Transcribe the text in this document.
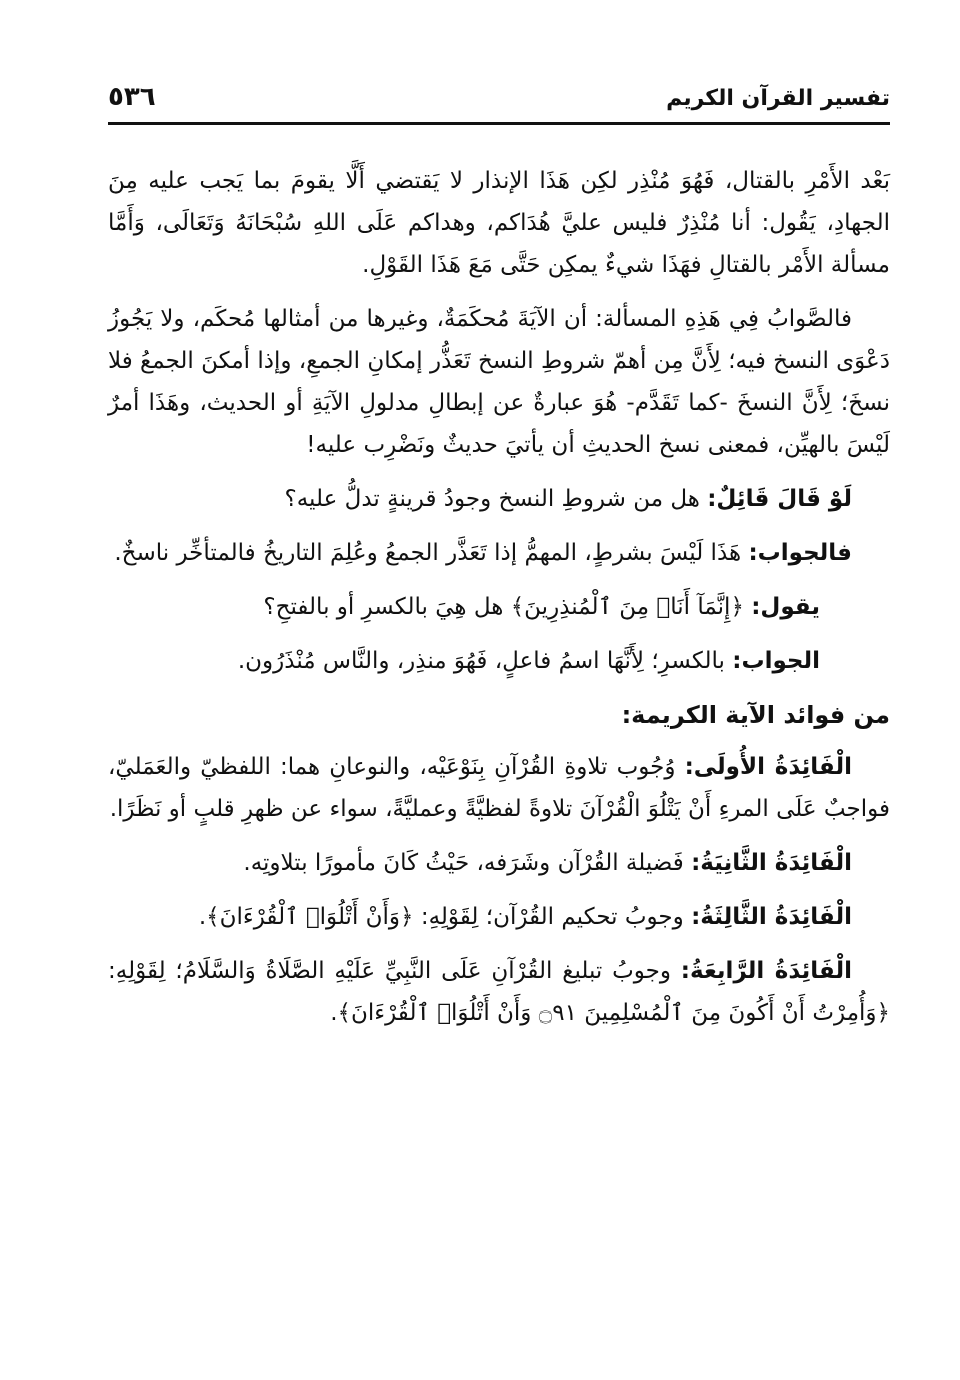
تفسير القرآن الكريم
٥٣٦

بَعْد الأَمْرِ بالقتال، فَهُوَ مُنْذِر لكِن هَذَا الإنذار لا يَقتضي أَلَّا يقومَ بما يَجب عليه مِنَ الجهادِ، يَقُول: أنا مُنْذِرٌ فليس عليَّ هُدَاكم، وهداكم عَلَى اللهِ سُبْحَانَهُ وَتَعَالَى، وَأَمَّا مسألة الأَمْر بالقتالِ فهَذَا شيءٌ يمكِن حَتَّى مَعَ هَذَا القَوْلِ.

فالصَّوابُ فِي هَذِهِ المسألة: أن الآيَةَ مُحكَمَةٌ، وغيرها من أمثالها مُحكَم، ولا يَجُوزُ دَعْوَى النسخ فيه؛ لِأَنَّ مِن أهمّ شروطِ النسخ تَعَذُّر إمكانِ الجمعِ، وإذا أمكنَ الجمعُ فلا نسخَ؛ لِأَنَّ النسخَ -كما تَقَدَّم- هُوَ عبارةٌ عن إبطالِ مدلولِ الآيَةِ أو الحديث، وهَذَا أمرٌ لَيْسَ بالهيِّن، فمعنى نسخ الحديثِ أن يأتيَ حديثٌ ونَضْرِب عليه!

لَوْ قَالَ قَائِلٌ: هل من شروطِ النسخ وجودُ قرينةٍ تدلُّ عليه؟

فالجواب: هَذَا لَيْسَ بشرطٍ، المهمُّ إذا تَعَذَّر الجمعُ وعُلِمَ التاريخُ فالمتأخِّر ناسخٌ.

يقول: ﴿إِنَّمَآ أَنَا۠ مِنَ ٱلْمُنذِرِينَ﴾ هل هِيَ بالكسرِ أو بالفتحِ؟

الجواب: بالكسرِ؛ لِأَنَّهَا اسمُ فاعلٍ، فَهُوَ منذِر، والنَّاس مُنْذَرُون.

من فوائد الآية الكريمة:

الْفَائِدَةُ الأُولَى: وُجُوب تلاوةِ القُرْآنِ بِنَوْعَيْه، والنوعانِ هما: اللفظيّ والعَمَليّ، فواجبٌ عَلَى المرءِ أَنْ يَتْلُوَ الْقُرْآنَ تلاوةً لفظيَّةً وعمليَّةً، سواء عن ظهرِ قلبٍ أو نَظَرًا.

الْفَائِدَةُ الثَّانِيَةُ: فَضيلة القُرْآن وشَرَفه، حَيْثُ كَانَ مأمورًا بتلاوتِه.

الْفَائِدَةُ الثَّالِثَةُ: وجوبُ تحكيم القُرْآن؛ لِقَوْلِهِ: ﴿وَأَنْ أَتْلُوَا۟ ٱلْقُرْءَانَ﴾.

الْفَائِدَةُ الرَّابِعَةُ: وجوبُ تبليغ القُرْآنِ عَلَى النَّبِيِّ عَلَيْهِ الصَّلَاةُ وَالسَّلَامُ؛ لِقَوْلِهِ: ﴿وَأُمِرْتُ أَنْ أَكُونَ مِنَ ٱلْمُسْلِمِينَ ۝٩١ وَأَنْ أَتْلُوَا۟ ٱلْقُرْءَانَ﴾.
